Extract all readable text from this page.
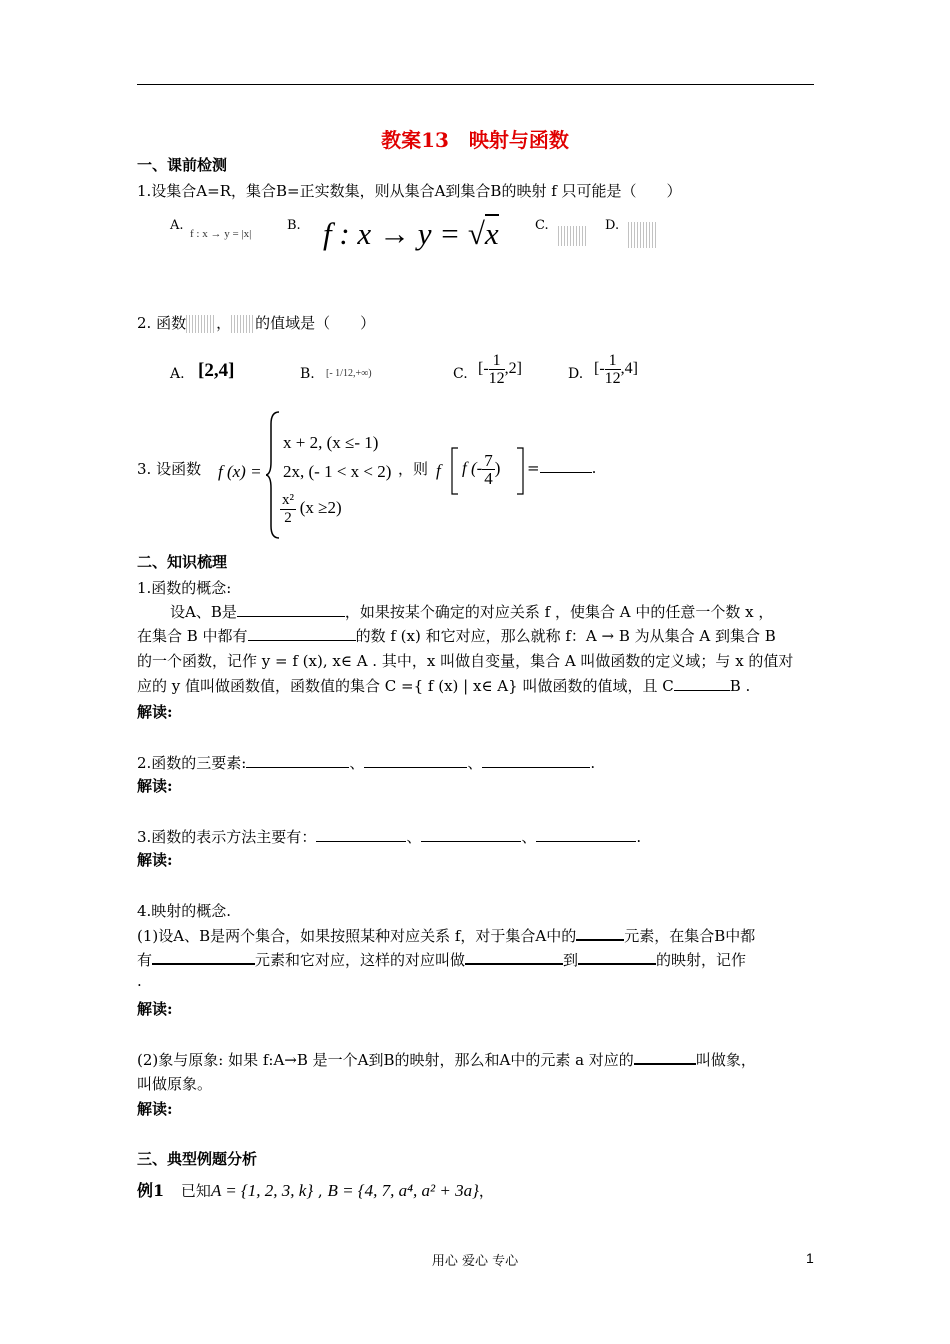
教案13　映射与函数
一、课前检测
1.设集合A=R，集合B=正实数集，则从集合A到集合B的映射 f 只可能是（　　）
A.
f : x → y = |x|
B. f : x → y = √x	C.	D.
2. 函数 ， 的值域是（　　）
A. [2,4]	B. [- 1/12,+∞)	C. [- $\frac{1}{12} ,2$]	D. [- $\frac{1}{12} ,4$]
3. 设函数 f (x) =
x + 2, (x ≤- 1)
2x, (- 1 < x < 2)
$\frac{\text{x²}}{2} (x \ge 2)$
，则 f f (- $\frac{7}{4}$ ) =	.
二、知识梳理
1.函数的概念:
设A、B是	，如果按某个确定的对应关系 f ，使集合 A 中的任意一个数 x ，
在集合 B 中都有	的数 f (x) 和它对应，那么就称 f：A → B 为从集合 A 到集合 B
的一个函数，记作 y = f (x), x∈ A . 其中，x 叫做自变量，集合 A 叫做函数的定义域；与 x 的值对
应的 y 值叫做函数值，函数值的集合 C ={ f (x) | x∈ A} 叫做函数的值域，且 C	B .
解读:
2.函数的三要素:	、	、	.
解读:
3.函数的表示方法主要有：	、	、	.
解读:
4.映射的概念.
(1)设A、B是两个集合，如果按照某种对应关系 f，对于集合A中的	元素，在集合B中都
有	元素和它对应，这样的对应叫做	到	的映射，记作
.
解读:
(2)象与原象: 如果 f:A→B 是一个A到B的映射，那么和A中的元素 a 对应的	叫做象，
叫做原象。
解读:
三、典型例题分析
例1 已知A = {1, 2, 3, k} , B = {4, 7, a⁴, a² + 3a}，
用心 爱心 专心	1
